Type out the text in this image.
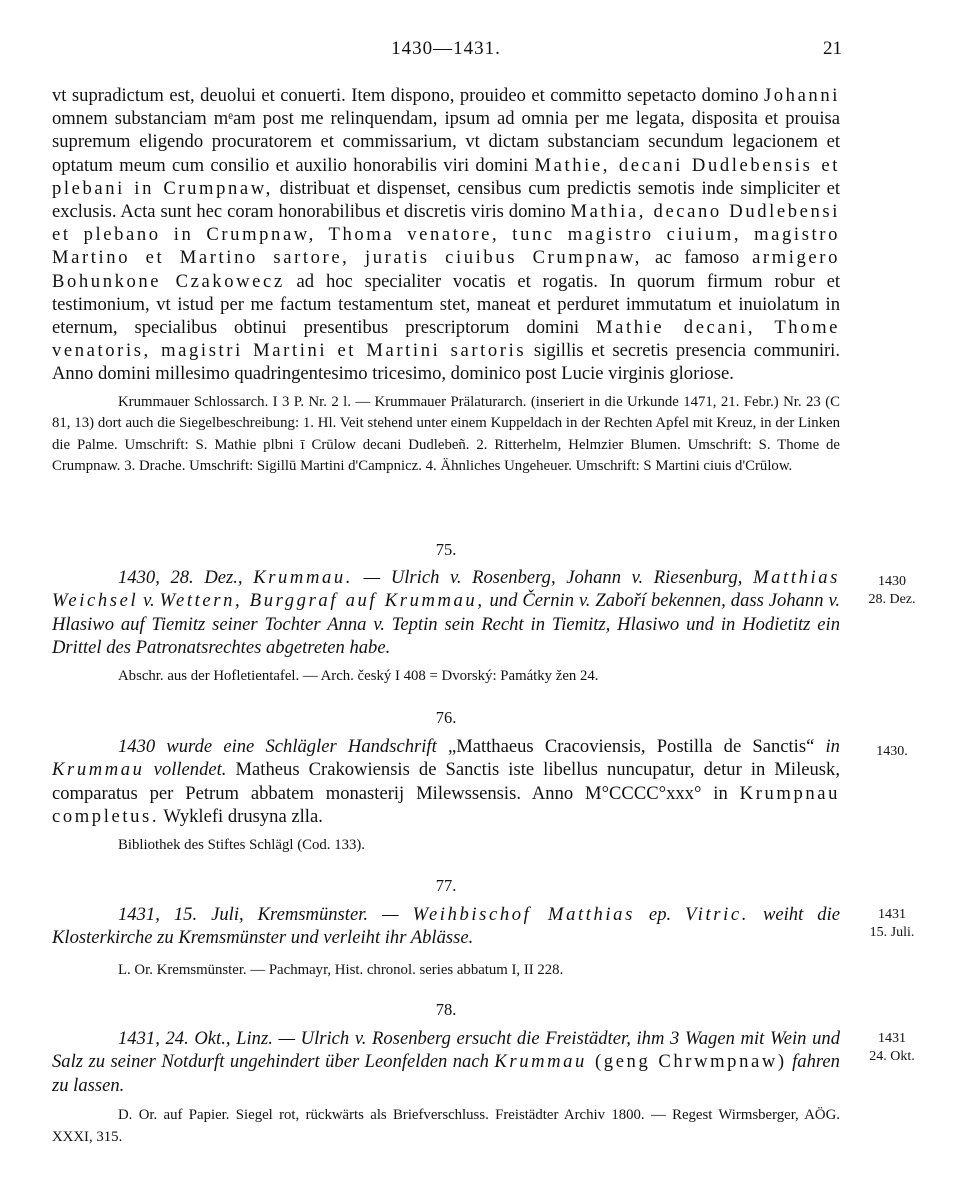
1430—1431.	21

vt supradictum est, deuolui et conuerti. Item dispono, prouideo et committo sepetacto domino Johanni omnem substanciam mᵉam post me relinquendam, ipsum ad omnia per me legata, disposita et prouisa supremum eligendo procuratorem et commissarium, vt dictam substanciam secundum legacionem et optatum meum cum consilio et auxilio honorabilis viri domini Mathie, decani Dudlebensis et plebani in Crumpnaw, distribuat et dispenset, censibus cum predictis semotis inde simpliciter et exclusis. Acta sunt hec coram honorabilibus et discretis viris domino Mathia, decano Dudlebensi et plebano in Crumpnaw, Thoma venatore, tunc magistro ciuium, magistro Martino et Martino sartore, juratis ciuibus Crumpnaw, ac famoso armigero Bohunkone Czakowecz ad hoc specialiter vocatis et rogatis. In quorum firmum robur et testimonium, vt istud per me factum testamentum stet, maneat et perduret immutatum et inuiolatum in eternum, specialibus obtinui presentibus prescriptorum domini Mathie decani, Thome venatoris, magistri Martini et Martini sartoris sigillis et secretis presencia communiri. Anno domini millesimo quadringentesimo tricesimo, dominico post Lucie virginis gloriose.

Krummauer Schlossarch. I 3 P. Nr. 2 l. — Krummauer Prälaturarch. (inseriert in die Urkunde 1471, 21. Febr.) Nr. 23 (C 81, 13) dort auch die Siegelbeschreibung: 1. Hl. Veit stehend unter einem Kuppeldach in der Rechten Apfel mit Kreuz, in der Linken die Palme. Umschrift: S. Mathie plbni ī Crūlow decani Dudlebeñ. 2. Ritterhelm, Helmzier Blumen. Umschrift: S. Thome de Crumpnaw. 3. Drache. Umschrift: Sigillū Martini d'Campnicz. 4. Ähnliches Ungeheuer. Umschrift: S Martini ciuis d'Crūlow.

75.
1430
28. Dez.

1430, 28. Dez., Krummau. — Ulrich v. Rosenberg, Johann v. Riesenburg, Matthias Weichsel v. Wettern, Burggraf auf Krummau, und Černin v. Zaboří bekennen, dass Johann v. Hlasiwo auf Tiemitz seiner Tochter Anna v. Teptin sein Recht in Tiemitz, Hlasiwo und in Hodietitz ein Drittel des Patronatsrechtes abgetreten habe.

Abschr. aus der Hofletientafel. — Arch. český I 408 = Dvorský: Památky žen 24.

76.
1430.

1430 wurde eine Schlägler Handschrift „Matthaeus Cracoviensis, Postilla de Sanctis“ in Krummau vollendet. Matheus Crakowiensis de Sanctis iste libellus nuncupatur, detur in Mileusk, comparatus per Petrum abbatem monasterij Milewssensis. Anno M°CCCC°xxx° in Krumpnau completus. Wyklefi drusyna zlla.

Bibliothek des Stiftes Schlägl (Cod. 133).

77.
1431
15. Juli.

1431, 15. Juli, Kremsmünster. — Weihbischof Matthias ep. Vitric. weiht die Klosterkirche zu Kremsmünster und verleiht ihr Ablässe.

L. Or. Kremsmünster. — Pachmayr, Hist. chronol. series abbatum I, II 228.

78.
1431
24. Okt.

1431, 24. Okt., Linz. — Ulrich v. Rosenberg ersucht die Freistädter, ihm 3 Wagen mit Wein und Salz zu seiner Notdurft ungehindert über Leonfelden nach Krummau (geng Chrwmpnaw) fahren zu lassen.

D. Or. auf Papier. Siegel rot, rückwärts als Briefverschluss. Freistädter Archiv 1800. — Regest Wirmsberger, AÖG. XXXI, 315.
